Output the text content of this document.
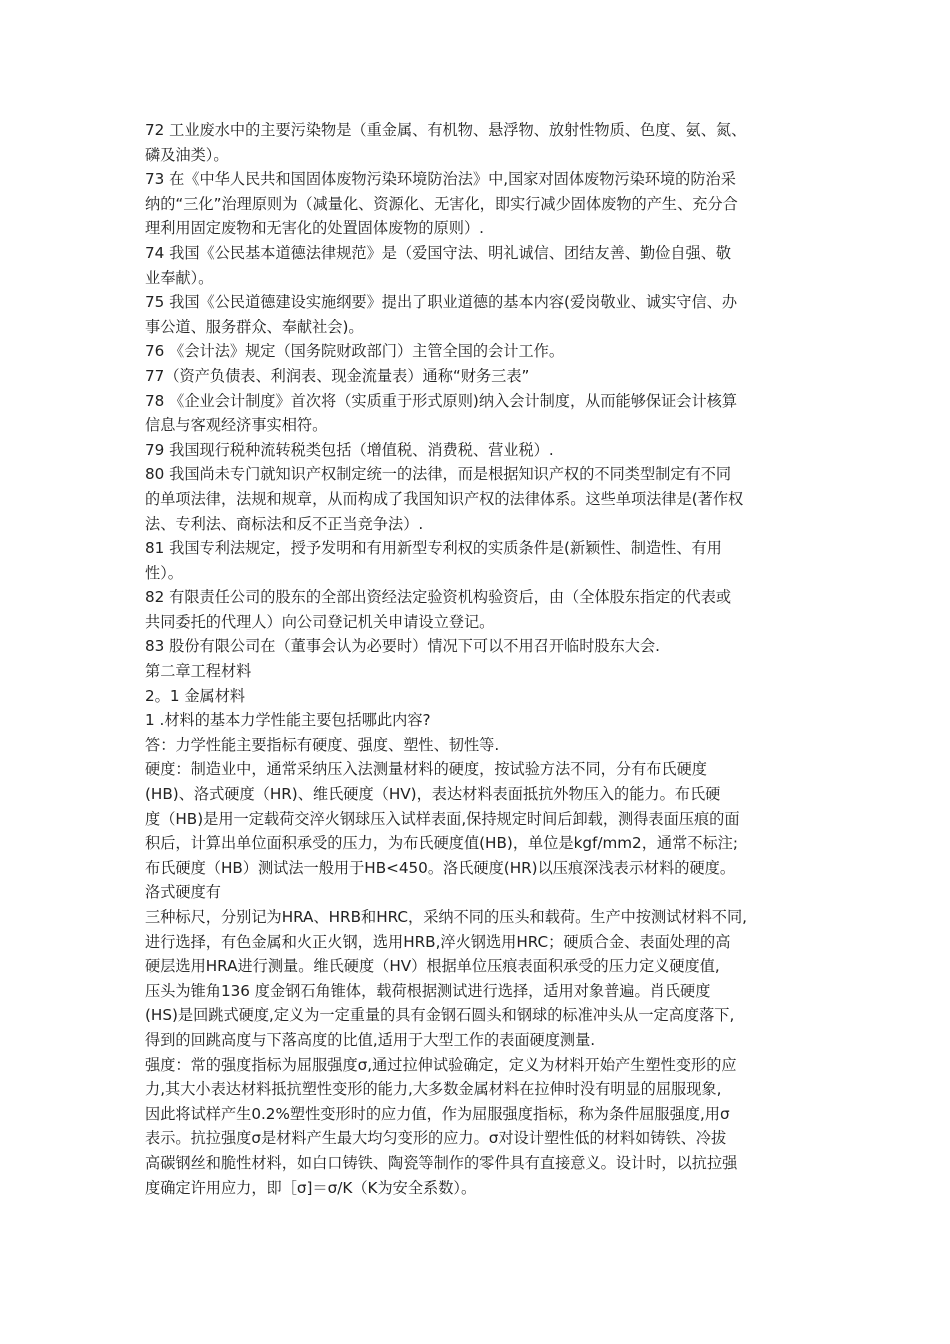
72 工业废水中的主要污染物是（重金属、有机物、悬浮物、放射性物质、色度、氨、氮、

磷及油类）。

73 在《中华人民共和国固体废物污染环境防治法》中,国家对固体废物污染环境的防治采

纳的“三化”治理原则为（减量化、资源化、无害化，即实行减少固体废物的产生、充分合

理利用固定废物和无害化的处置固体废物的原则）.

74 我国《公民基本道德法律规范》是（爱国守法、明礼诚信、团结友善、勤俭自强、敬

业奉献）。

75 我国《公民道德建设实施纲要》提出了职业道德的基本内容(爱岗敬业、诚实守信、办

事公道、服务群众、奉献社会)。

76 《会计法》规定（国务院财政部门）主管全国的会计工作。

77（资产负债表、利润表、现金流量表）通称“财务三表”

78 《企业会计制度》首次将（实质重于形式原则)纳入会计制度，从而能够保证会计核算

信息与客观经济事实相符。

79 我国现行税种流转税类包括（增值税、消费税、营业税）.

80 我国尚未专门就知识产权制定统一的法律，而是根据知识产权的不同类型制定有不同

的单项法律，法规和规章，从而构成了我国知识产权的法律体系。这些单项法律是(著作权

法、专利法、商标法和反不正当竞争法）.

81 我国专利法规定，授予发明和有用新型专利权的实质条件是(新颖性、制造性、有用

性）。

82 有限责任公司的股东的全部出资经法定验资机构验资后，由（全体股东指定的代表或

共同委托的代理人）向公司登记机关申请设立登记。

83 股份有限公司在（董事会认为必要时）情况下可以不用召开临时股东大会.

第二章工程材料

2。1 金属材料

1 .材料的基本力学性能主要包括哪此内容?

答：力学性能主要指标有硬度、强度、塑性、韧性等.

硬度：制造业中，通常采纳压入法测量材料的硬度，按试验方法不同，分有布氏硬度

(HB)、洛式硬度（HR)、维氏硬度（HV)，表达材料表面抵抗外物压入的能力。布氏硬

度（HB)是用一定载荷交淬火钢球压入试样表面,保持规定时间后卸载，测得表面压痕的面

积后，计算出单位面积承受的压力，为布氏硬度值(HB)，单位是kgf/mm2，通常不标注;

布氏硬度（HB）测试法一般用于HB<450。洛氏硬度(HR)以压痕深浅表示材料的硬度。

洛式硬度有

三种标尺，分别记为HRA、HRB和HRC，采纳不同的压头和载荷。生产中按测试材料不同,

进行选择，有色金属和火正火钢，选用HRB,淬火钢选用HRC；硬质合金、表面处理的高

硬层选用HRA进行测量。维氏硬度（HV）根据单位压痕表面积承受的压力定义硬度值,

压头为锥角136 度金钢石角锥体，载荷根据测试进行选择，适用对象普遍。肖氏硬度

(HS)是回跳式硬度,定义为一定重量的具有金钢石圆头和钢球的标准冲头从一定高度落下,

得到的回跳高度与下落高度的比值,适用于大型工作的表面硬度测量.

强度：常的强度指标为屈服强度σ,通过拉伸试验确定，定义为材料开始产生塑性变形的应

力,其大小表达材料抵抗塑性变形的能力,大多数金属材料在拉伸时没有明显的屈服现象,

因此将试样产生0.2%塑性变形时的应力值，作为屈服强度指标，称为条件屈服强度,用σ

表示。抗拉强度σ是材料产生最大均匀变形的应力。σ对设计塑性低的材料如铸铁、冷拔

高碳钢丝和脆性材料，如白口铸铁、陶瓷等制作的零件具有直接意义。设计时，以抗拉强

度确定许用应力，即［σ]＝σ/K（K为安全系数）。
